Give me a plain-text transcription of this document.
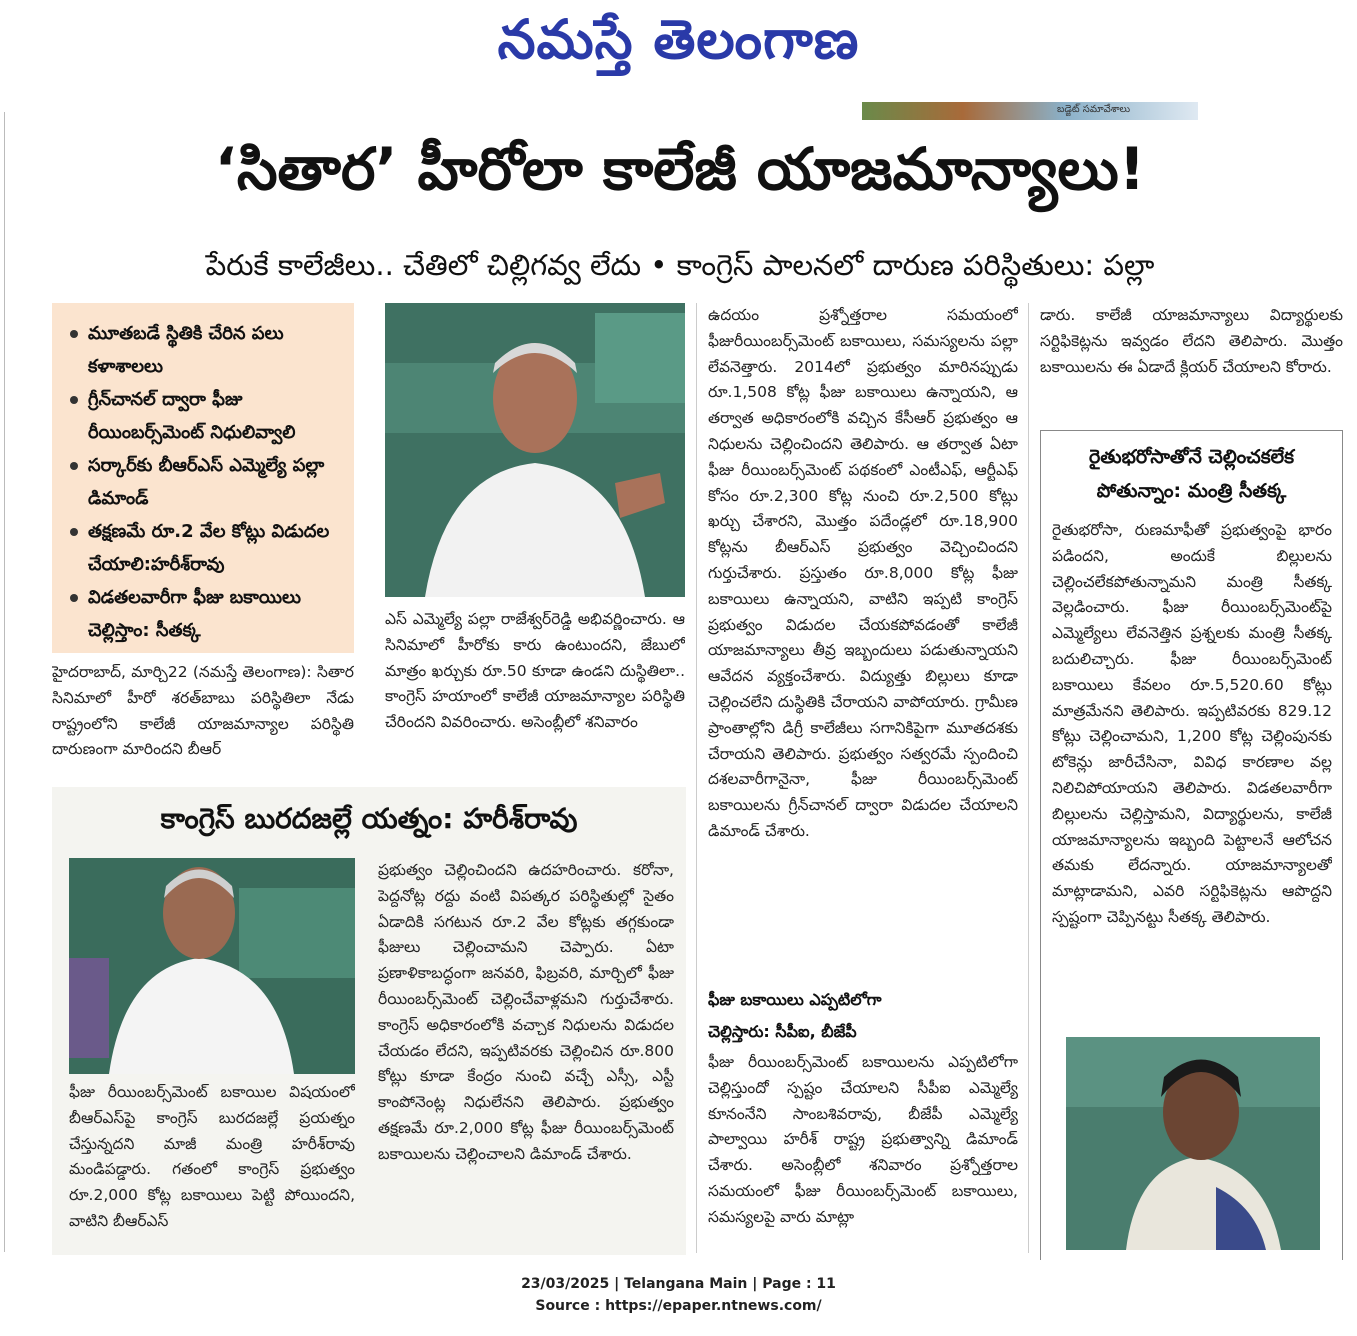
నమస్తే తెలంగాణ
బడ్జెట్ సమావేశాలు
‘సితార’ హీరోలా కాలేజీ యాజమాన్యాలు!
పేరుకే కాలేజీలు.. చేతిలో చిల్లిగవ్వ లేదు • కాంగ్రెస్ పాలనలో దారుణ పరిస్థితులు: పల్లా
మూతబడే స్థితికి చేరిన పలు కళాశాలలు
గ్రీన్‌చానల్ ద్వారా ఫీజు రీయింబర్స్‌మెంట్ నిధులివ్వాలి
సర్కార్‌కు బీఆర్‌ఎస్ ఎమ్మెల్యే పల్లా డిమాండ్
తక్షణమే రూ.2 వేల కోట్లు విడుదల చేయాలి:హరీశ్‌రావు
విడతలవారీగా ఫీజు బకాయిలు చెల్లిస్తాం: సీతక్క
హైదరాబాద్, మార్చి22 (నమస్తే తెలంగాణ): సితార సినిమాలో హీరో శరత్‌బాబు పరిస్థితిలా నేడు రాష్ట్రంలోని కాలేజీ యాజమాన్యాల పరిస్థితి దారుణంగా మారిందని బీఆర్
ఎస్ ఎమ్మెల్యే పల్లా రాజేశ్వర్‌రెడ్డి అభివర్ణించారు. ఆ సినిమాలో హీరోకు కారు ఉంటుందని, జేబులో మాత్రం ఖర్చుకు రూ.50 కూడా ఉండని దుస్థితిలా.. కాంగ్రెస్ హయాంలో కాలేజీ యాజమాన్యాల పరిస్థితి చేరిందని వివరించారు. అసెంబ్లీలో శనివారం
ఉదయం ప్రశ్నోత్తరాల సమయంలో ఫీజురీయింబర్స్‌మెంట్ బకాయిలు, సమస్యలను పల్లా లేవనెత్తారు. 2014లో ప్రభుత్వం మారినప్పుడు రూ.1,508 కోట్ల ఫీజు బకాయిలు ఉన్నాయని, ఆ తర్వాత అధికారంలోకి వచ్చిన కేసీఆర్ ప్రభుత్వం ఆ నిధులను చెల్లించిందని తెలిపారు. ఆ తర్వాత ఏటా ఫీజు రీయింబర్స్‌మెంట్ పథకంలో ఎంటీఎఫ్, ఆర్టీఎఫ్ కోసం రూ.2,300 కోట్ల నుంచి రూ.2,500 కోట్లు ఖర్చు చేశారని, మొత్తం పదేండ్లలో రూ.18,900 కోట్లను బీఆర్‌ఎస్ ప్రభుత్వం వెచ్చించిందని గుర్తుచేశారు. ప్రస్తుతం రూ.8,000 కోట్ల ఫీజు బకాయిలు ఉన్నాయని, వాటిని ఇప్పటి కాంగ్రెస్ ప్రభుత్వం విడుదల చేయకపోవడంతో కాలేజీ యాజమాన్యాలు తీవ్ర ఇబ్బందులు పడుతున్నాయని ఆవేదన వ్యక్తంచేశారు. విద్యుత్తు బిల్లులు కూడా చెల్లించలేని దుస్థితికి చేరాయని వాపోయారు. గ్రామీణ ప్రాంతాల్లోని డిగ్రీ కాలేజీలు సగానికిపైగా మూతదశకు చేరాయని తెలిపారు. ప్రభుత్వం సత్వరమే స్పందించి దశలవారీగానైనా, ఫీజు రీయింబర్స్‌మెంట్ బకాయిలను గ్రీన్‌చానల్ ద్వారా విడుదల చేయాలని డిమాండ్ చేశారు.
ఫీజు బకాయిలు ఎప్పటిలోగా
చెల్లిస్తారు: సీపీఐ, బీజేపీ
ఫీజు రీయింబర్స్‌మెంట్ బకాయిలను ఎప్పటిలోగా చెల్లిస్తుందో స్పష్టం చేయాలని సీపీఐ ఎమ్మెల్యే కూనంనేని సాంబశివరావు, బీజేపీ ఎమ్మెల్యే పాల్వాయి హరీశ్ రాష్ట్ర ప్రభుత్వాన్ని డిమాండ్ చేశారు. అసెంబ్లీలో శనివారం ప్రశ్నోత్తరాల సమయంలో ఫీజు రీయింబర్స్‌మెంట్ బకాయిలు, సమస్యలపై వారు మాట్లా
డారు. కాలేజీ యాజమాన్యాలు విద్యార్థులకు సర్టిఫికెట్లను ఇవ్వడం లేదని తెలిపారు. మొత్తం బకాయిలను ఈ ఏడాదే క్లియర్ చేయాలని కోరారు.
రైతుభరోసాతోనే చెల్లించకలేక
పోతున్నాం: మంత్రి సీతక్క
రైతుభరోసా, రుణమాఫీతో ప్రభుత్వంపై భారం పడిందని, అందుకే బిల్లులను చెల్లించలేకపోతున్నామని మంత్రి సీతక్క వెల్లడించారు. ఫీజు రీయింబర్స్‌మెంట్‌పై ఎమ్మెల్యేలు లేవనెత్తిన ప్రశ్నలకు మంత్రి సీతక్క బదులిచ్చారు. ఫీజు రీయింబర్స్‌మెంట్ బకాయిలు కేవలం రూ.5,520.60 కోట్లు మాత్రమేనని తెలిపారు. ఇప్పటివరకు 829.12 కోట్లు చెల్లించామని, 1,200 కోట్ల చెల్లింపునకు టోకెన్లు జారీచేసినా, వివిధ కారణాల వల్ల నిలిచిపోయాయని తెలిపారు. విడతలవారీగా బిల్లులను చెల్లిస్తామని, విద్యార్థులను, కాలేజీ యాజమాన్యాలను ఇబ్బంది పెట్టాలనే ఆలోచన తమకు లేదన్నారు. యాజమాన్యాలతో మాట్లాడామని, ఎవరి సర్టిఫికెట్లను ఆపొద్దని స్పష్టంగా చెప్పినట్టు సీతక్క తెలిపారు.
కాంగ్రెస్ బురదజల్లే యత్నం: హరీశ్‌రావు
ఫీజు రీయింబర్స్‌మెంట్ బకాయిల విషయంలో బీఆర్‌ఎస్‌పై కాంగ్రెస్ బురదజల్లే ప్రయత్నం చేస్తున్నదని మాజీ మంత్రి హరీశ్‌రావు మండిపడ్డారు. గతంలో కాంగ్రెస్ ప్రభుత్వం రూ.2,000 కోట్ల బకాయిలు పెట్టి పోయిందని, వాటిని బీఆర్‌ఎస్
ప్రభుత్వం చెల్లించిందని ఉదహరించారు. కరోనా, పెద్దనోట్ల రద్దు వంటి విపత్కర పరిస్థితుల్లో సైతం ఏడాదికి సగటున రూ.2 వేల కోట్లకు తగ్గకుండా ఫీజులు చెల్లించామని చెప్పారు. ఏటా ప్రణాళికాబద్ధంగా జనవరి, ఫిబ్రవరి, మార్చిలో ఫీజు రీయింబర్స్‌మెంట్ చెల్లించేవాళ్లమని గుర్తుచేశారు. కాంగ్రెస్ అధికారంలోకి వచ్చాక నిధులను విడుదల చేయడం లేదని, ఇప్పటివరకు చెల్లించిన రూ.800 కోట్లు కూడా కేంద్రం నుంచి వచ్చే ఎస్సీ, ఎస్టీ కాంపోనెంట్ల నిధులేనని తెలిపారు. ప్రభుత్వం తక్షణమే రూ.2,000 కోట్ల ఫీజు రీయింబర్స్‌మెంట్ బకాయిలను చెల్లించాలని డిమాండ్ చేశారు.
23/03/2025 | Telangana Main | Page : 11
Source : https://epaper.ntnews.com/
